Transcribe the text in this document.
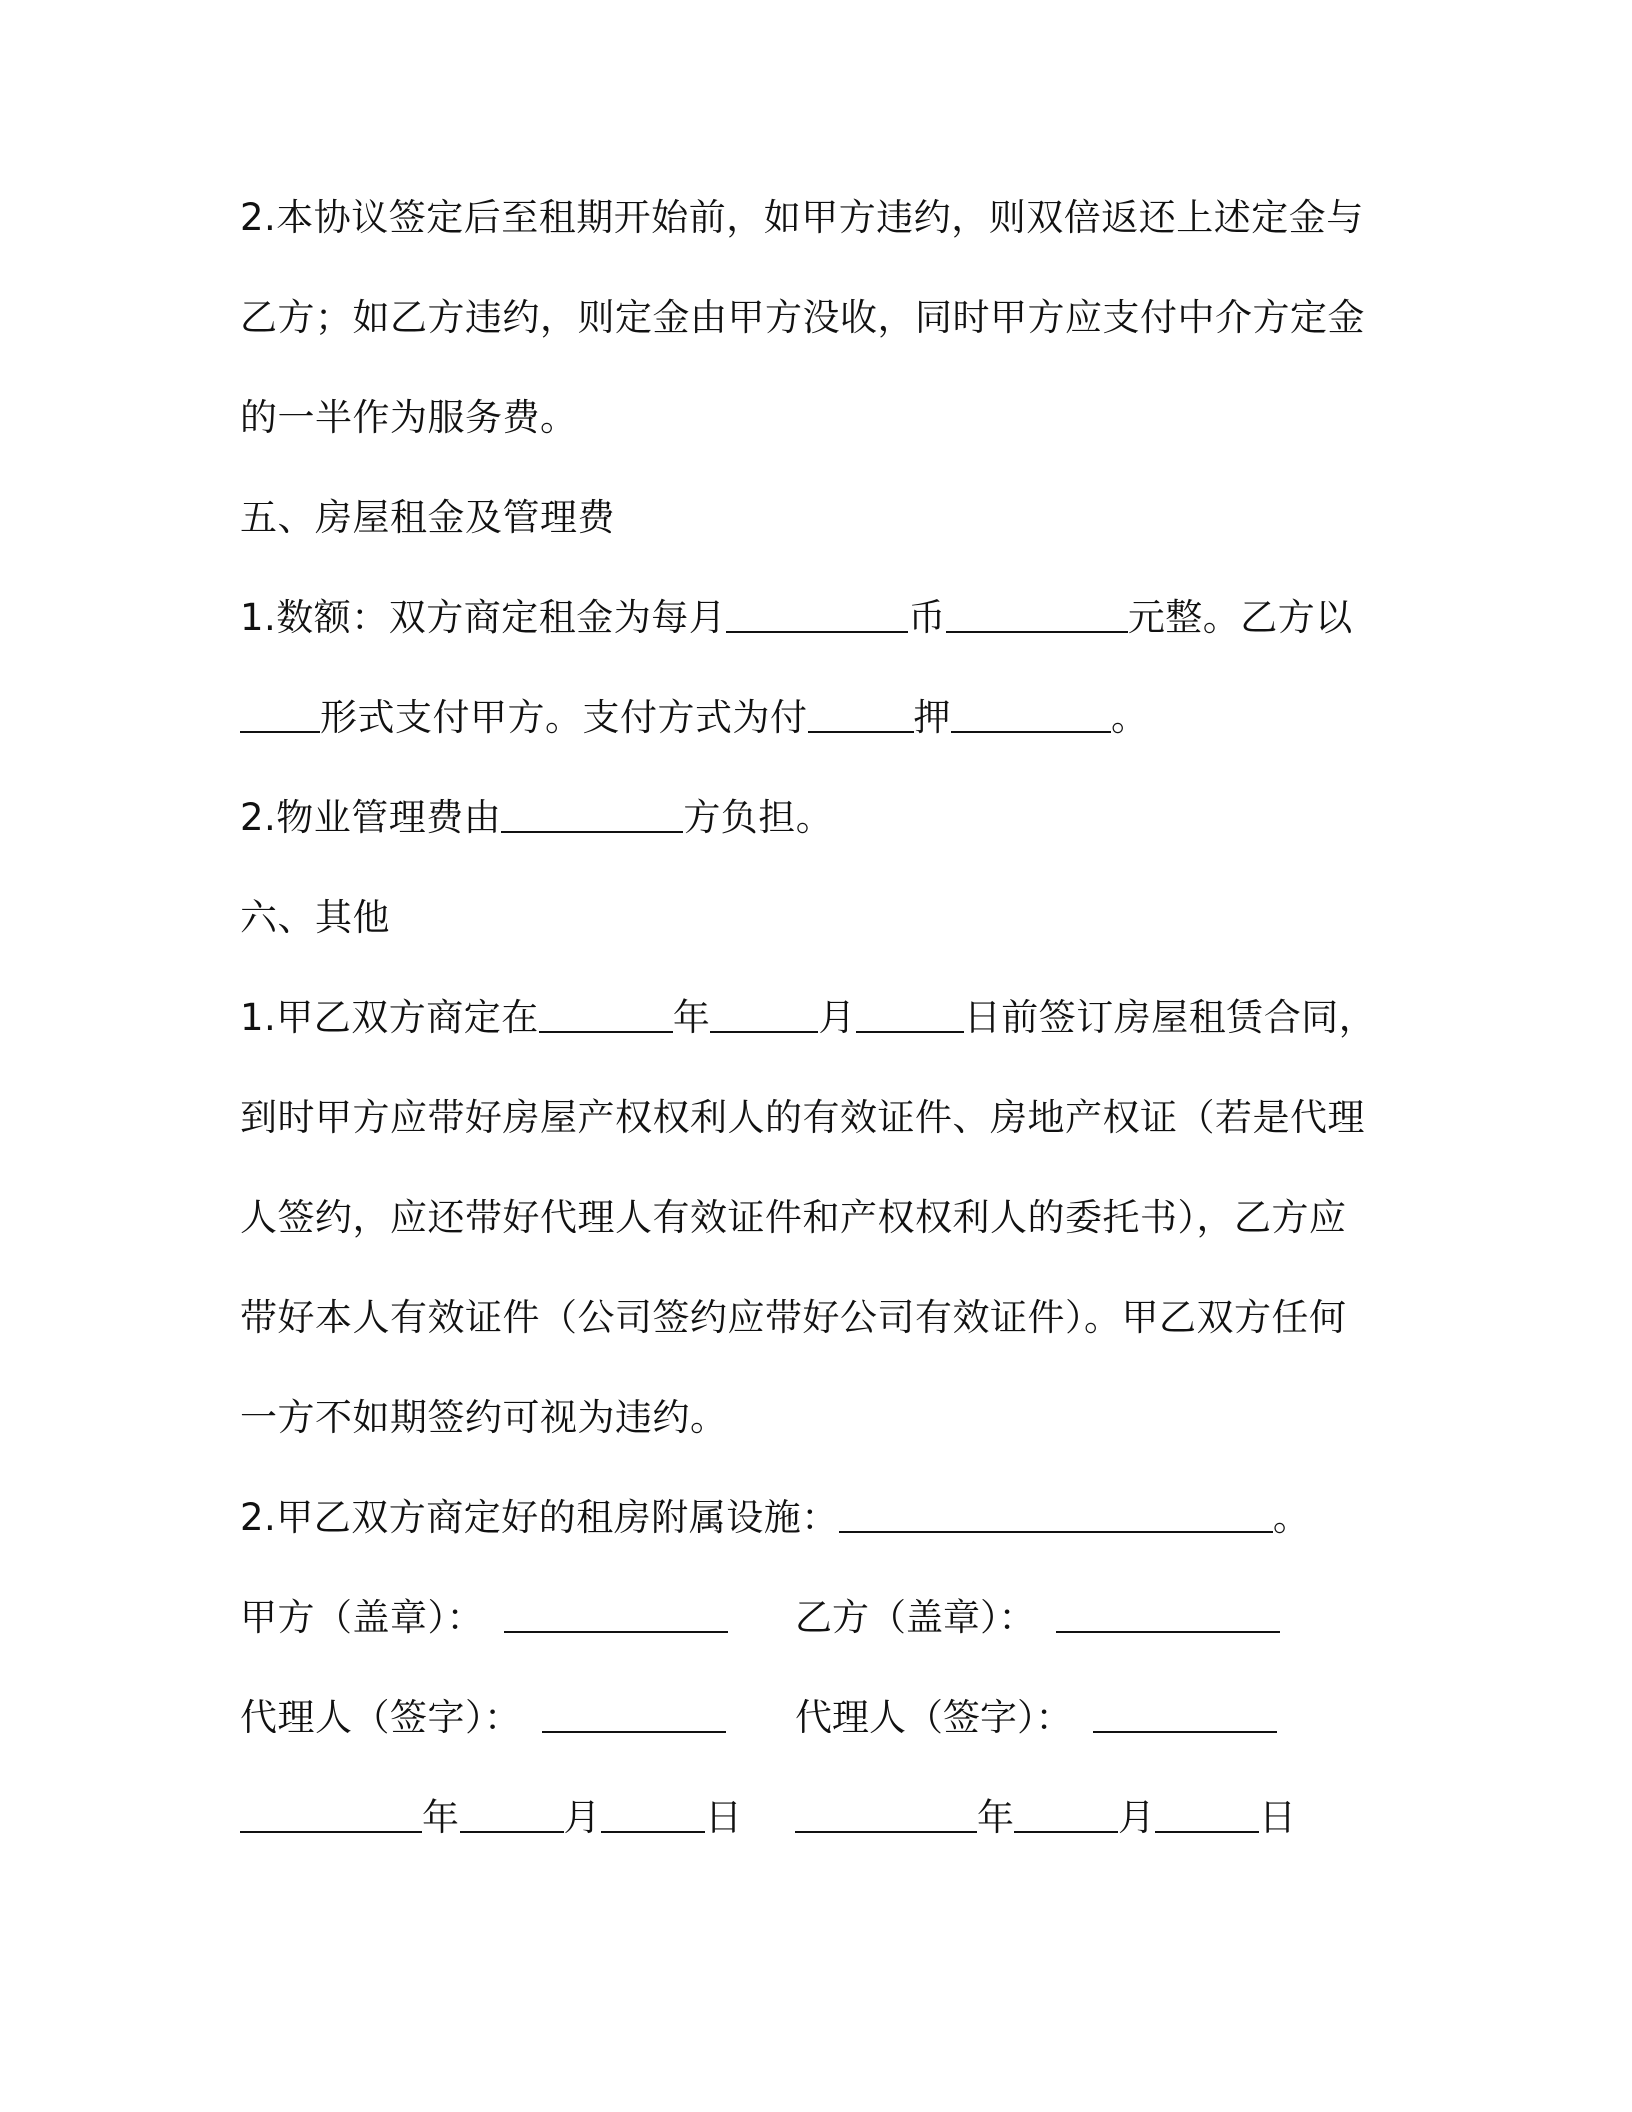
2.本协议签定后至租期开始前，如甲方违约，则双倍返还上述定金与
乙方；如乙方违约，则定金由甲方没收，同时甲方应支付中介方定金
的一半作为服务费。
五、房屋租金及管理费
1.数额：双方商定租金为每月	币	元整。乙方以
形式支付甲方。支付方式为付	押	。
2.物业管理费由	方负担。
六、其他
1.甲乙双方商定在	年	月	日前签订房屋租赁合同，
到时甲方应带好房屋产权权利人的有效证件、房地产权证（若是代理
人签约，应还带好代理人有效证件和产权权利人的委托书），乙方应
带好本人有效证件（公司签约应带好公司有效证件）。甲乙双方任何
一方不如期签约可视为违约。
2.甲乙双方商定好的租房附属设施：	。
甲方（盖章）：	乙方（盖章）：
代理人（签字）：	代理人（签字）：
年	月	日	年	月	日
